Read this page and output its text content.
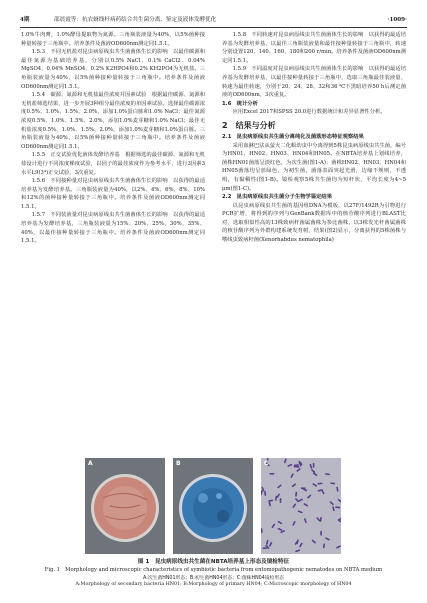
4期	邵晨霞等：抗农蚜线杆病药结合共生菌分离、鉴定及液体发酵优化	·1009·

1.0%牛肉膏，1.0%酵母提取物为氮源。三角瓶装液量为40%，以5%菌种接种量转接于三角瓶中。培养条件及菌液OD600nm测定同1.5.1。

1.5.3　不同无机盐对昆虫病原线虫共生菌菌体生长的影响　以最佳碳源和最佳氮源为基础培养基，分别以0.5% NaCl、0.1% CaCl2、0.04% MgSO4、0.04% MnSO4、0.2% K2HPO4和0.2% KH2PO4为无机盐。三角瓶装液量为40%，以5%菌种接种量转接于三角瓶中。培养条件及菌液OD600nm测定同1.5.1。

1.5.4　碳源、氮源和无机盐最佳浓度并因素试验　根据最佳碳源、氮源和无机盐筛选结果，进一步开展3种组分最佳浓度的单因素试验。选择最佳碳源浓度0.5%、1.0%、1.5%、2.0%，添加1.0%蛋白胨和1.0% NaCl；最佳氮源浓度0.5%、1.0%、1.5%、2.0%，添加1.0%麦芽糖和1.0% NaCl；最佳无机盐浓度0.5%、1.0%、1.5%、2.0%，添加1.0%麦芽糖和1.0%蛋白胨。三角瓶装液量为40%，以5%菌种接种量转接于三角瓶中。培养条件及菌液OD600nm测定同1.5.1。

1.5.5　正交试验优化液体发酵培养基　根据筛选的最佳碳源、氮源和无机盐设计进行不同浓度梯度试验，以因子的最佳浓度作为参考水平，进行3因素3水平L9(3⁴)正交试验，3次重复。

1.5.6　不同接种量对昆虫病原线虫共生菌菌体生长的影响　以获得的最适培养基为发酵培养基。三角瓶装液量为40%，以2%、4%、6%、8%、10%和12%的菌种接种量转接于三角瓶中。培养条件及菌液OD600nm测定同1.5.1。

1.5.7　不同装液量对昆虫病原线虫共生菌菌体生长的影响　以获得的最适培养基为发酵培养基，三角瓶装液量为15%、20%、25%、30%、35%、40%，以最佳接种量转接于三角瓶中。培养条件及菌液OD600nm测定同1.5.1。

1.5.8　不同转速对昆虫病原线虫共生菌菌体生长的影响　以获得的最适培养基为发酵培养基，以最佳三角瓶装液量和最佳接种量转接于三角瓶中，转速分别设置120、140、160、180和200 r/min。培养条件及菌液OD600nm测定同1.5.1。

1.5.9　不同温度对昆虫病原线虫共生菌菌体生长的影响　以获得的最适培养基为发酵培养基，以最佳接种量转接于三角瓶中，选取三角瓶最佳装液量、转速为最佳转速，分别于20、24、28、32和36 ℃下黑暗培养50 h后测定菌液的OD600nm，3次重复。

1.6　统计分析

应用Excel 2017和SPSS 20.0进行数据统计和差异显著性分析。

2　结果与分析
2.1　昆虫病原线虫共生菌分离纯化及菌落形态特征观察结果

采用血淋巴法从萤火二化螟幼虫中分离得到5株昆虫病原线虫共生菌，编号为HN01、HN02、HN03、HN04和HN05。在NBTA培养基上划线培养，菌株HN01菌落呈淡红色，为次生菌(图1-A)；菌株HN02、HN03、HN04和HN05菌落均呈蓝绿色，为初生菌，菌落表面突起光滑，边缘不规则，不透明，有黏稠性(图1-B)。镜检观察5株共生菌均为短杆状，平均长度为4~5 μm(图1-C)。

2.2　昆虫病原线虫共生菌分子生物学鉴定结果

以昆虫病原线虫共生菌的基因组DNA为模板，以27F/1492R为引物进行PCR扩增，将得到的序列与GenBank数据库中的核苷酸序列进行BLAST比对，选取相似性高的13株致病杆菌属菌株为参比菌株，以3株发光杆菌属菌株的核苷酸序列为外群构建系统发育树，结果(图2)显示，分离获得的5株菌株与嗜线虫致病杆菌(Xenorhabdus nematophila)

A	B	C
图 1　昆虫病原线虫共生菌在NBTA培养基上形态及镜检特征
Fig. 1　Morphology and microscopic characteristics of symbiotic bacteria from entomopathogenic nematodes on NBTA medium
A:次生菌HN01形态；B:初生菌HN04形态；C:菌株HN04镜检形态
A:Morphology of secondary bacteria HN01; B:Morphology of primary HN04; C:Microscopic morphology of HN04
